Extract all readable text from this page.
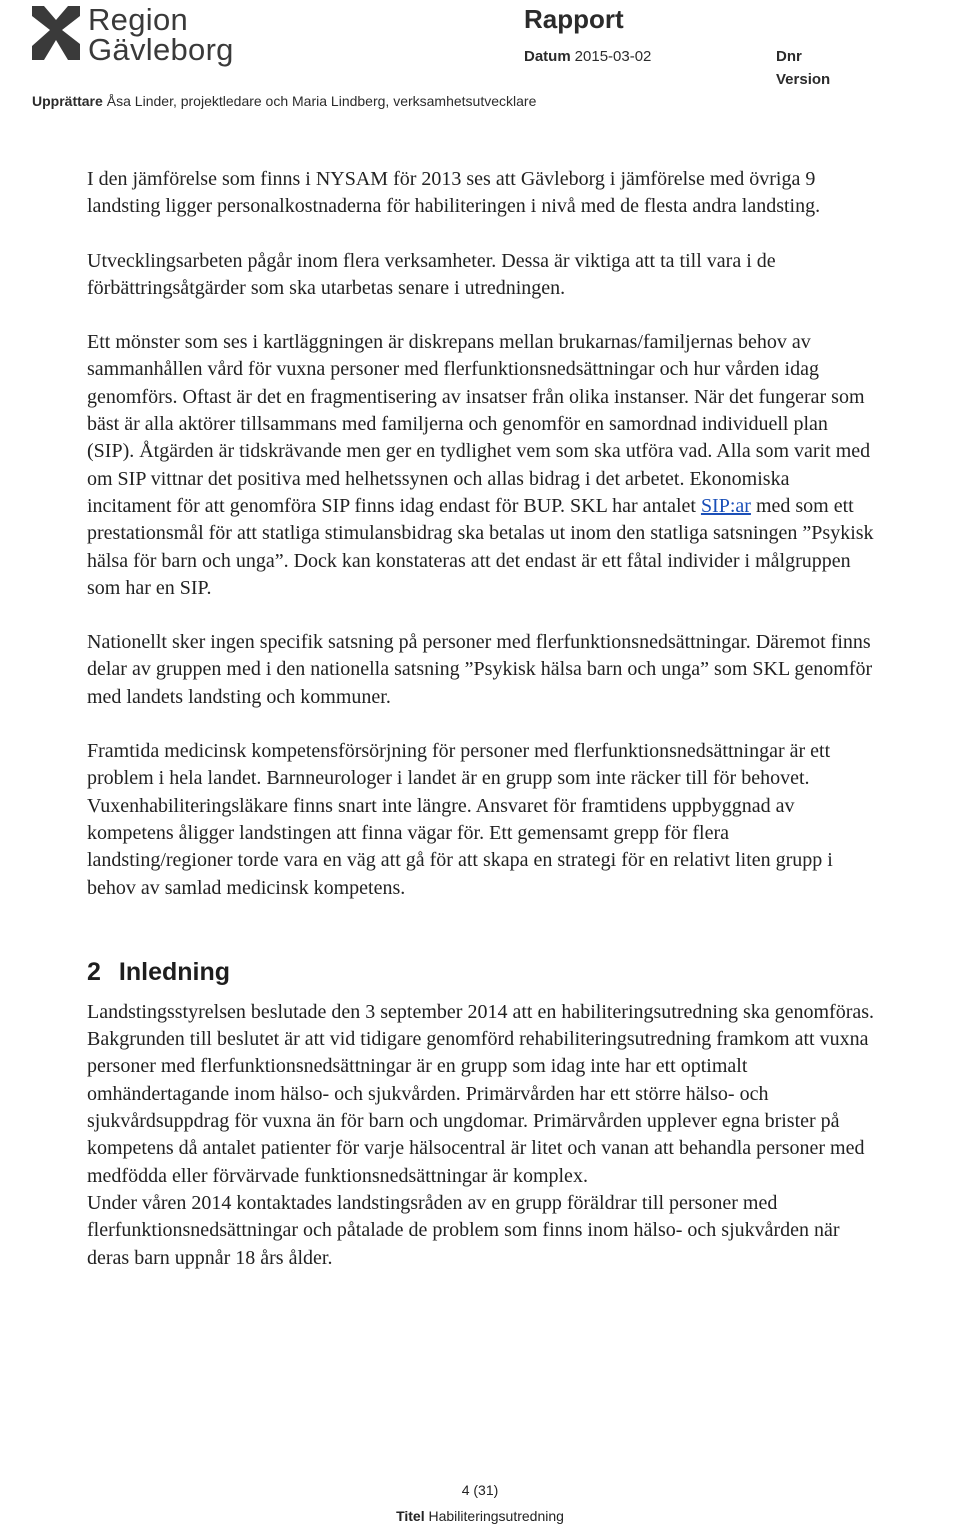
Region
Gävleborg
Rapport
Datum 2015-03-02	Dnr
Version
Upprättare Åsa Linder, projektledare och Maria Lindberg, verksamhetsutvecklare

I den jämförelse som finns i NYSAM för 2013 ses att Gävleborg i jämförelse med övriga 9 landsting ligger personalkostnaderna för habiliteringen i nivå med de flesta andra landsting.

Utvecklingsarbeten pågår inom flera verksamheter. Dessa är viktiga att ta till vara i de förbättringsåtgärder som ska utarbetas senare i utredningen.

Ett mönster som ses i kartläggningen är diskrepans mellan brukarnas/familjernas behov av sammanhållen vård för vuxna personer med flerfunktionsnedsättningar och hur vården idag genomförs. Oftast är det en fragmentisering av insatser från olika instanser. När det fungerar som bäst är alla aktörer tillsammans med familjerna och genomför en samordnad individuell plan (SIP). Åtgärden är tidskrävande men ger en tydlighet vem som ska utföra vad. Alla som varit med om SIP vittnar det positiva med helhetssynen och allas bidrag i det arbetet. Ekonomiska incitament för att genomföra SIP finns idag endast för BUP. SKL har antalet SIP:ar med som ett prestationsmål för att statliga stimulansbidrag ska betalas ut inom den statliga satsningen ”Psykisk hälsa för barn och unga”. Dock kan konstateras att det endast är ett fåtal individer i målgruppen som har en SIP.

Nationellt sker ingen specifik satsning på personer med flerfunktionsnedsättningar. Däremot finns delar av gruppen med i den nationella satsning ”Psykisk hälsa barn och unga” som SKL genomför med landets landsting och kommuner.

Framtida medicinsk kompetensförsörjning för personer med flerfunktionsnedsättningar är ett problem i hela landet. Barnneurologer i landet är en grupp som inte räcker till för behovet. Vuxenhabiliteringsläkare finns snart inte längre. Ansvaret för framtidens uppbyggnad av kompetens åligger landstingen att finna vägar för. Ett gemensamt grepp för flera landsting/regioner torde vara en väg att gå för att skapa en strategi för en relativt liten grupp i behov av samlad medicinsk kompetens.

2 Inledning

Landstingsstyrelsen beslutade den 3 september 2014 att en habiliteringsutredning ska genomföras.

Bakgrunden till beslutet är att vid tidigare genomförd rehabiliteringsutredning framkom att vuxna personer med flerfunktionsnedsättningar är en grupp som idag inte har ett optimalt omhändertagande inom hälso- och sjukvården. Primärvården har ett större hälso- och sjukvårdsuppdrag för vuxna än för barn och ungdomar. Primärvården upplever egna brister på kompetens då antalet patienter för varje hälsocentral är litet och vanan att behandla personer med medfödda eller förvärvade funktionsnedsättningar är komplex.

Under våren 2014 kontaktades landstingsråden av en grupp föräldrar till personer med flerfunktionsnedsättningar och påtalade de problem som finns inom hälso- och sjukvården när deras barn uppnår 18 års ålder.

4 (31)
Titel Habiliteringsutredning
